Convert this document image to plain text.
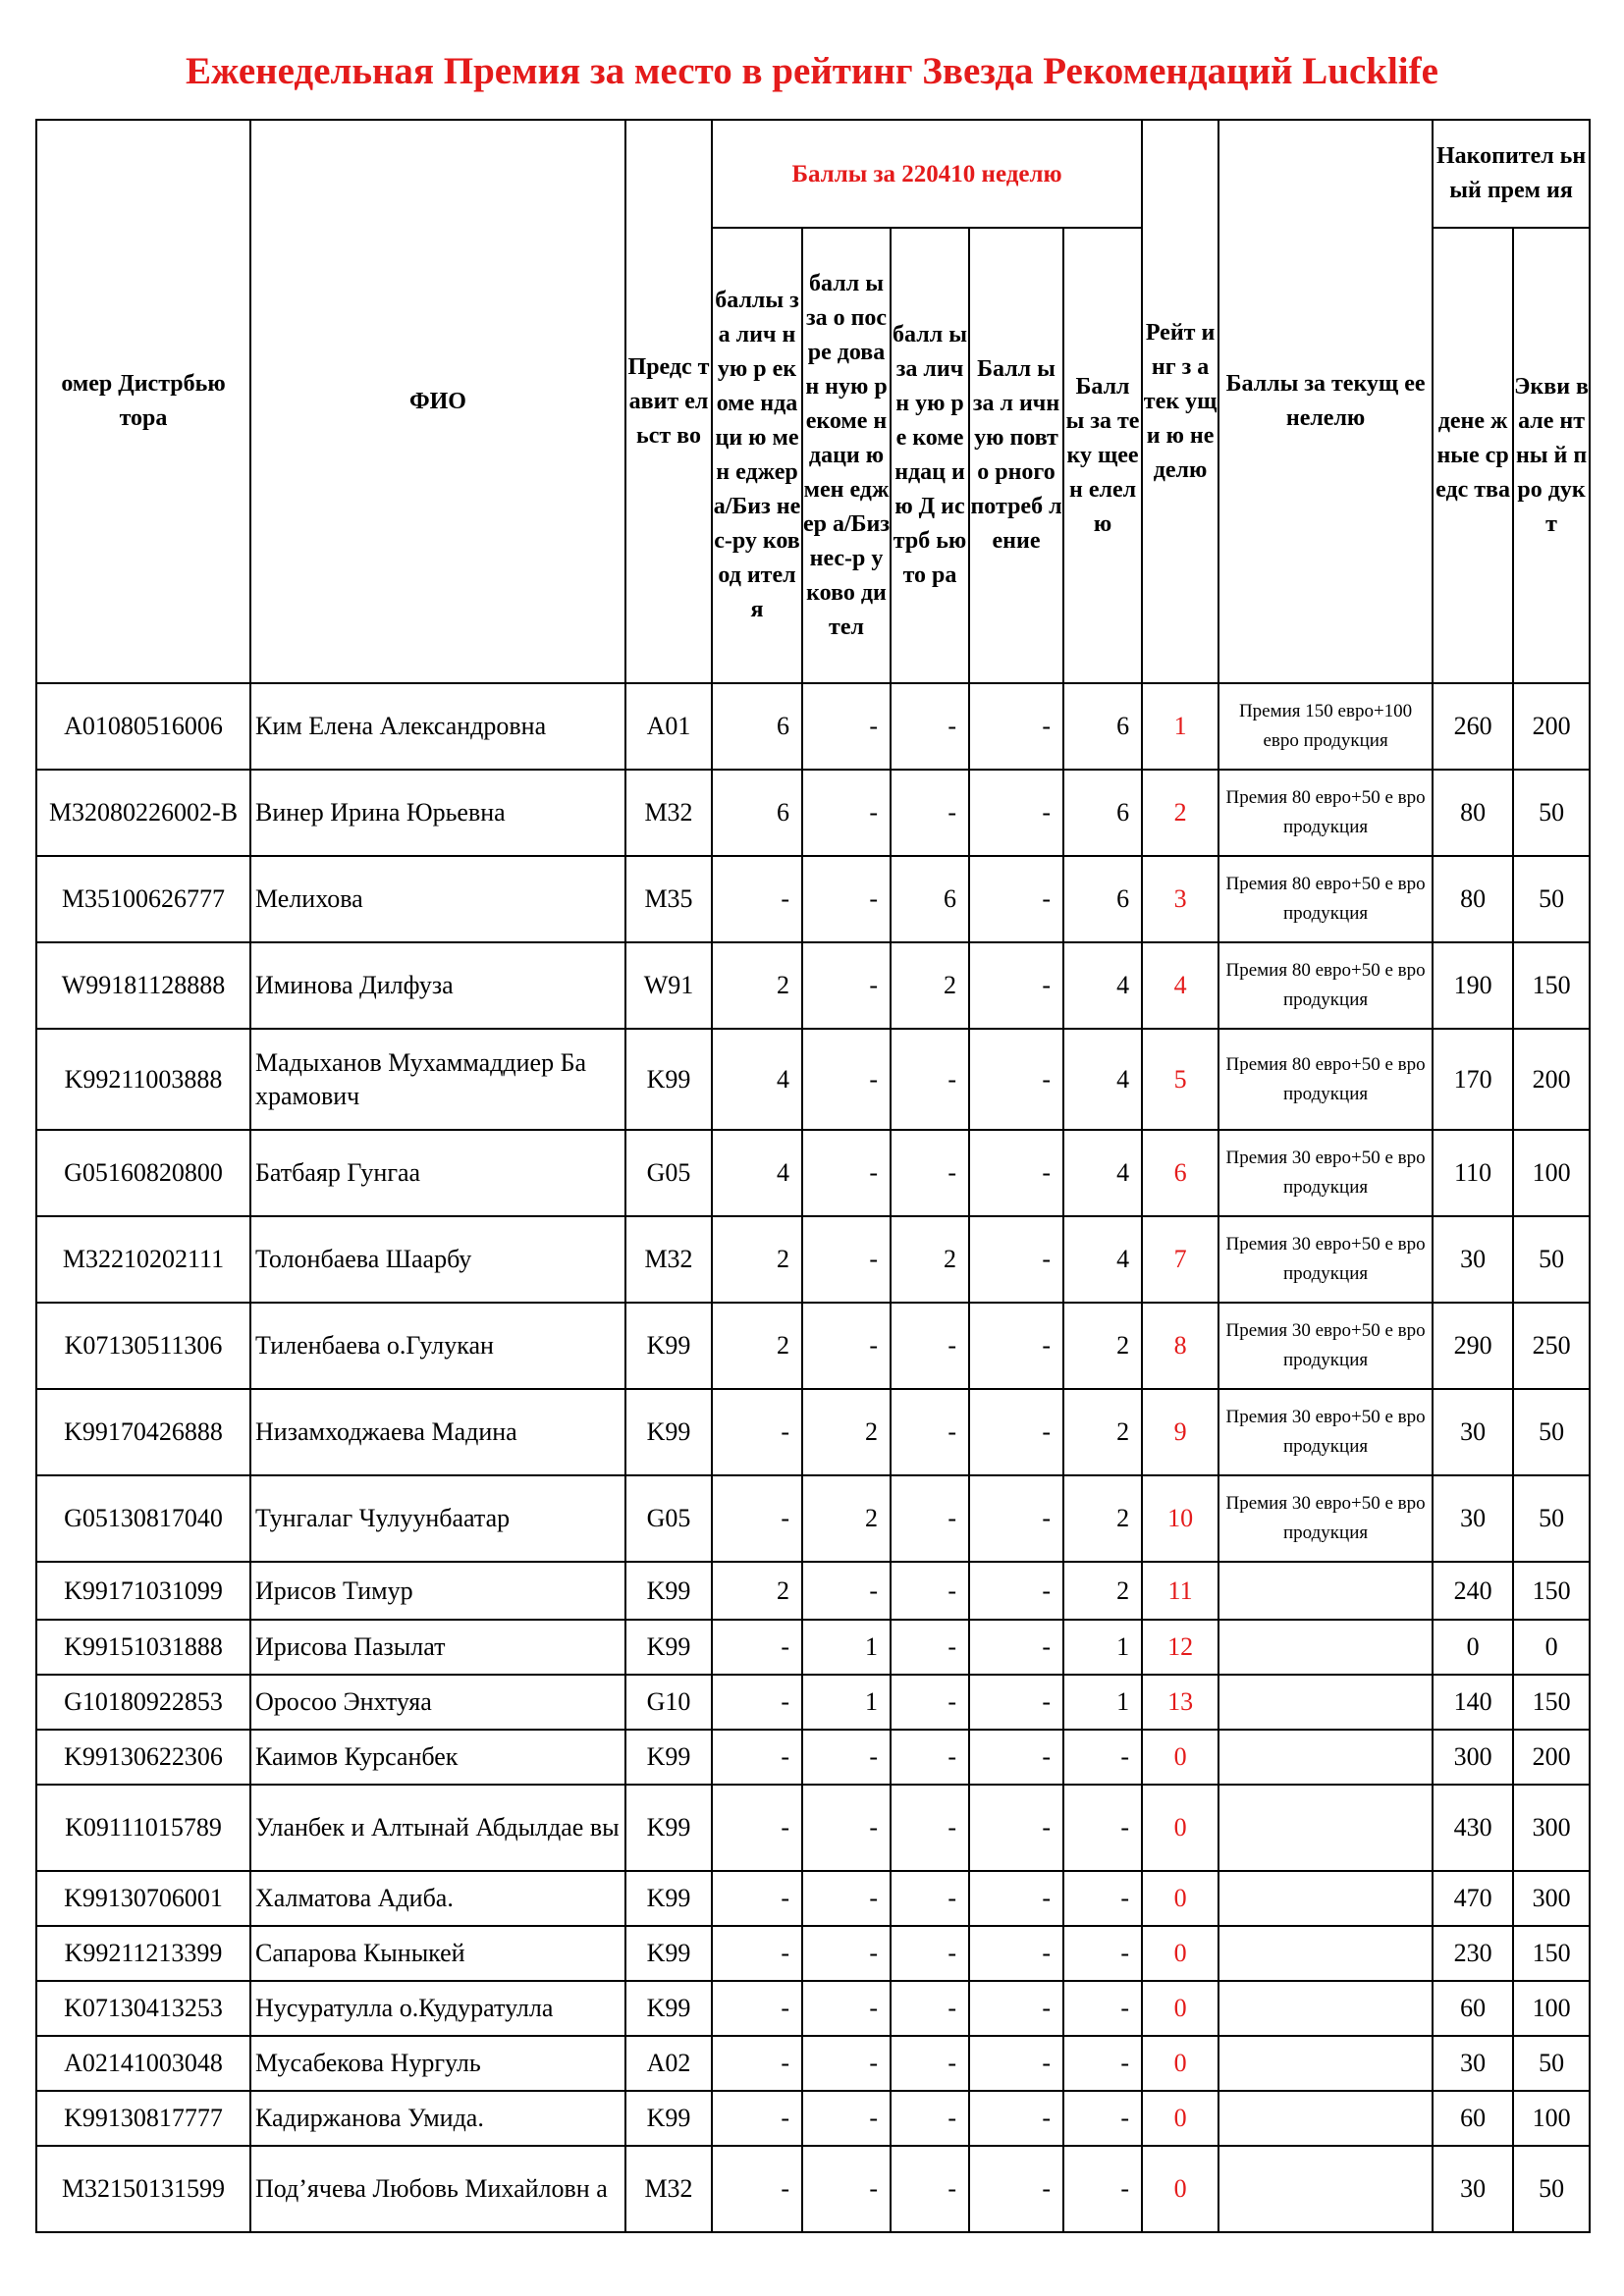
Еженедельная Премия за место в рейтинг Звезда Рекомендаций Lucklife
омер Дистрбью тора	ФИО	Предс тавит ельст во	Баллы за 220410 неделю					Рейт инг з а тек ущи ю не делю	Баллы за текущ ее нелелю	Накопител ьный прем ия	
			баллы за лич ную р екоме ндаци ю мен еджер а/Биз нес-ру ковод ителя	балл ы за о посре дован ную р екоме ндаци ю мен еджер а/Биз нес-р уково дител	балл ы за личн ую ре коме ндац ию Д истрб ьюто ра	Балл ы за л ичную повто рного потреб ление	Балл ы за теку щее н елел ю			дене жные средс тва	Экви вале нтны й про дукт
A01080516006	Ким Елена Александровна	A01	6	-	-	-	6	1	Премия 150 евро+100 евро продукция	260	200
M32080226002-B	Винер Ирина Юрьевна	M32	6	-	-	-	6	2	Премия 80 евро+50 е вро продукция	80	50
M35100626777	Мелихова	M35	-	-	6	-	6	3	Премия 80 евро+50 е вро продукция	80	50
W99181128888	Иминова Дилфуза	W91	2	-	2	-	4	4	Премия 80 евро+50 е вро продукция	190	150
K99211003888	Мадыханов Мухаммаддиер Ба хрaмович	K99	4	-	-	-	4	5	Премия 80 евро+50 е вро продукция	170	200
G05160820800	Батбаяр Гунгаа	G05	4	-	-	-	4	6	Премия 30 евро+50 е вро продукция	110	100
M32210202111	Толонбаева Шаарбу	M32	2	-	2	-	4	7	Премия 30 евро+50 е вро продукция	30	50
K07130511306	Тиленбаева о.Гулукан	K99	2	-	-	-	2	8	Премия 30 евро+50 е вро продукция	290	250
K99170426888	Низамходжаева Мадина	K99	-	2	-	-	2	9	Премия 30 евро+50 е вро продукция	30	50
G05130817040	Тунгалаг Чулуунбаатар	G05	-	2	-	-	2	10	Премия 30 евро+50 е вро продукция	30	50
K99171031099	Ирисов Тимур	K99	2	-	-	-	2	11		240	150
K99151031888	Ирисова Пазылат	K99	-	1	-	-	1	12		0	0
G10180922853	Оросоо Энхтуяа	G10	-	1	-	-	1	13		140	150
K99130622306	Каимов Курсанбек	K99	-	-	-	-	-	0		300	200
K09111015789	Уланбек и Алтынай Абдылдае вы	K99	-	-	-	-	-	0		430	300
K99130706001	Халматова Адиба.	K99	-	-	-	-	-	0		470	300
K99211213399	Сапарова Кыныкей	K99	-	-	-	-	-	0		230	150
K07130413253	Нусуратулла о.Кудуратулла	K99	-	-	-	-	-	0		60	100
A02141003048	Мусабекова Нургуль	A02	-	-	-	-	-	0		30	50
K99130817777	Кадиржанова Умида.	K99	-	-	-	-	-	0		60	100
M32150131599	Под’ячева Любовь Михайловн а	M32	-	-	-	-	-	0		30	50
